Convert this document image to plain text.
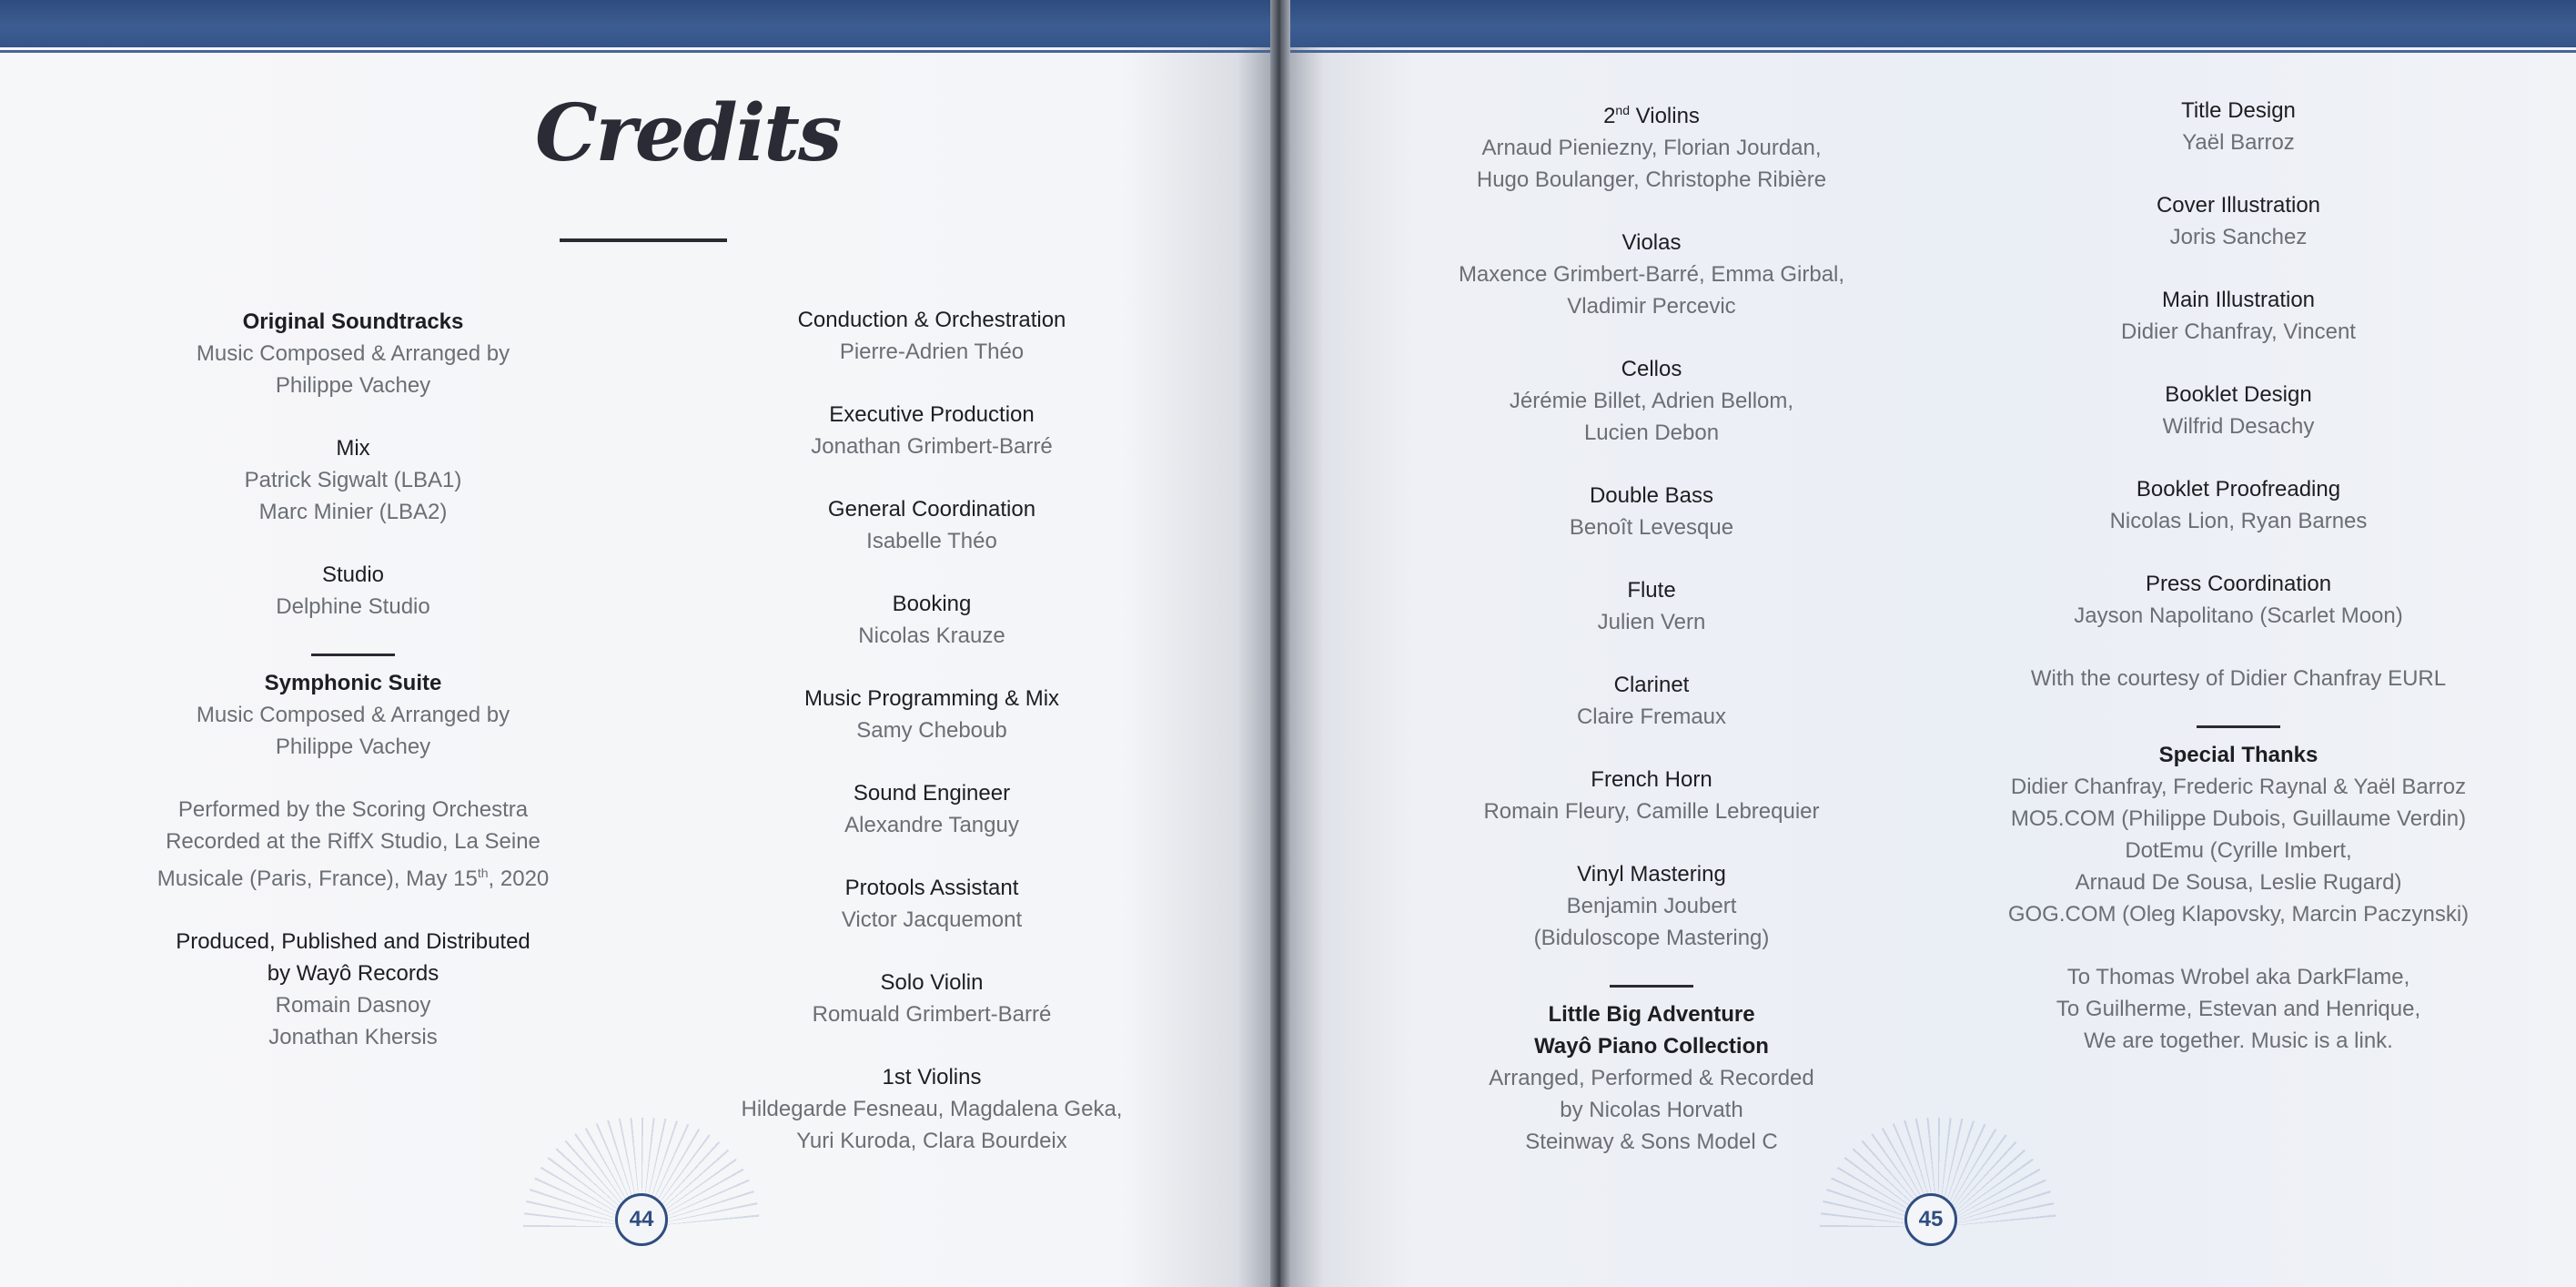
Credits
Original Soundtracks
Music Composed & Arranged by
Philippe Vachey
Mix
Patrick Sigwalt (LBA1)
Marc Minier (LBA2)
Studio
Delphine Studio
Symphonic Suite
Music Composed & Arranged by
Philippe Vachey
Performed by the Scoring Orchestra
Recorded at the RiffX Studio, La Seine
Musicale (Paris, France), May 15th, 2020
Produced, Published and Distributed
by Wayô Records
Romain Dasnoy
Jonathan Khersis
Conduction & Orchestration
Pierre-Adrien Théo
Executive Production
Jonathan Grimbert-Barré
General Coordination
Isabelle Théo
Booking
Nicolas Krauze
Music Programming & Mix
Samy Cheboub
Sound Engineer
Alexandre Tanguy
Protools Assistant
Victor Jacquemont
Solo Violin
Romuald Grimbert-Barré
1st Violins
Hildegarde Fesneau, Magdalena Geka,
Yuri Kuroda, Clara Bourdeix
44
2nd Violins
Arnaud Pieniezny, Florian Jourdan,
Hugo Boulanger, Christophe Ribière
Violas
Maxence Grimbert-Barré, Emma Girbal,
Vladimir Percevic
Cellos
Jérémie Billet, Adrien Bellom,
Lucien Debon
Double Bass
Benoît Levesque
Flute
Julien Vern
Clarinet
Claire Fremaux
French Horn
Romain Fleury, Camille Lebrequier
Vinyl Mastering
Benjamin Joubert
(Biduloscope Mastering)
Little Big Adventure
Wayô Piano Collection
Arranged, Performed & Recorded
by Nicolas Horvath
Steinway & Sons Model C
Title Design
Yaël Barroz
Cover Illustration
Joris Sanchez
Main Illustration
Didier Chanfray, Vincent
Booklet Design
Wilfrid Desachy
Booklet Proofreading
Nicolas Lion, Ryan Barnes
Press Coordination
Jayson Napolitano (Scarlet Moon)
With the courtesy of Didier Chanfray EURL
Special Thanks
Didier Chanfray, Frederic Raynal & Yaël Barroz
MO5.COM (Philippe Dubois, Guillaume Verdin)
DotEmu (Cyrille Imbert,
Arnaud De Sousa, Leslie Rugard)
GOG.COM (Oleg Klapovsky, Marcin Paczynski)
To Thomas Wrobel aka DarkFlame,
To Guilherme, Estevan and Henrique,
We are together. Music is a link.
45
